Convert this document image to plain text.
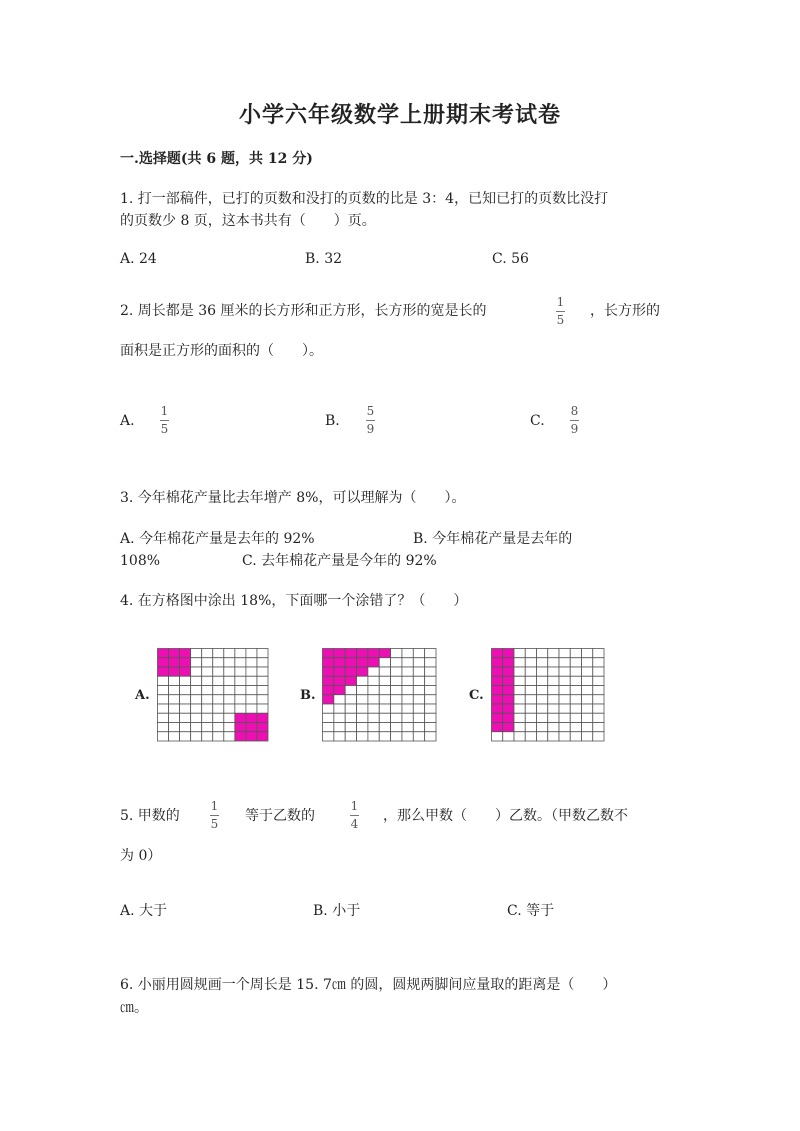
小学六年级数学上册期末考试卷
一.选择题(共 6 题，共 12 分)
1. 打一部稿件，已打的页数和没打的页数的比是 3：4，已知已打的页数比没打
的页数少 8 页，这本书共有（　　）页。
A. 24	B. 32	C. 56
2. 周长都是 36 厘米的长方形和正方形，长方形的宽是长的
1
5
，长方形的
面积是正方形的面积的（　　）。
A.
1
5	B.
5
9	C.
8
9
3. 今年棉花产量比去年增产 8%，可以理解为（　　）。
A. 今年棉花产量是去年的 92%	B. 今年棉花产量是去年的
108%	C. 去年棉花产量是今年的 92%
4. 在方格图中涂出 18%，下面哪一个涂错了？（　　）
A.	B.	C.
5. 甲数的
1
5 等于乙数的
1
4 ，那么甲数（　　）乙数。（甲数乙数不
为 0）
A. 大于	B. 小于	C. 等于
6. 小丽用圆规画一个周长是 15. 7㎝ 的圆，圆规两脚间应量取的距离是（　　）
㎝。
